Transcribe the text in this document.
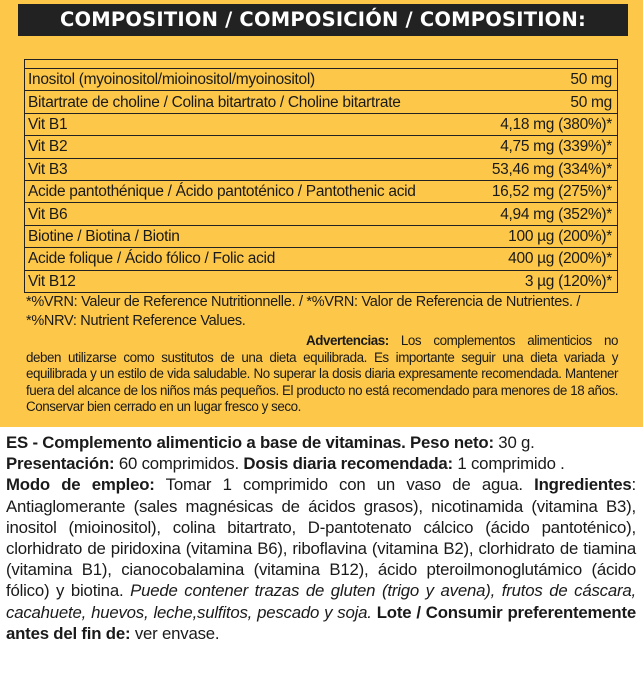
COMPOSITION / COMPOSICIÓN / COMPOSITION:
Inositol (myoinositol/mioinositol/myoinositol)	50 mg
Bitartrate de choline / Colina bitartrato / Choline bitartrate	50 mg
Vit B1	4,18 mg (380%)*
Vit B2	4,75 mg (339%)*
Vit B3	53,46 mg (334%)*
Acide pantothénique / Ácido pantoténico / Pantothenic acid	16,52 mg (275%)*
Vit B6	4,94 mg (352%)*
Biotine / Biotina / Biotin	100 µg (200%)*
Acide folique / Ácido fólico / Folic acid	400 µg (200%)*
Vit B12	3 µg (120%)*
*%VRN: Valeur de Reference Nutritionnelle. / *%VRN: Valor de Referencia de Nutrientes. / *%NRV: Nutrient Reference Values.
Advertencias: Los complementos alimenticios no deben utilizarse como sustitutos de una dieta equilibrada. Es importante seguir una dieta variada y equilibrada y un estilo de vida saludable. No superar la dosis diaria expresamente recomendada. Mantener fuera del alcance de los niños más pequeños. El producto no está recomendado para menores de 18 años. Conservar bien cerrado en un lugar fresco y seco.
ES - Complemento alimenticio a base de vitaminas. Peso neto: 30 g.
Presentación: 60 comprimidos. Dosis diaria recomendada: 1 comprimido .
Modo de empleo: Tomar 1 comprimido con un vaso de agua. Ingredientes: Antiaglomerante (sales magnésicas de ácidos grasos), nicotinamida (vitamina B3), inositol (mioinositol), colina bitartrato, D-pantotenato cálcico (ácido pantoténico), clorhidrato de piridoxina (vitamina B6), riboflavina (vitamina B2), clorhidrato de tiamina (vitamina B1), cianocobalamina (vitamina B12), ácido pteroilmonoglutámico (ácido fólico) y biotina. Puede contener trazas de gluten (trigo y avena), frutos de cáscara, cacahuete, huevos, leche,sulfitos, pescado y soja. Lote / Consumir preferentemente antes del fin de: ver envase.
